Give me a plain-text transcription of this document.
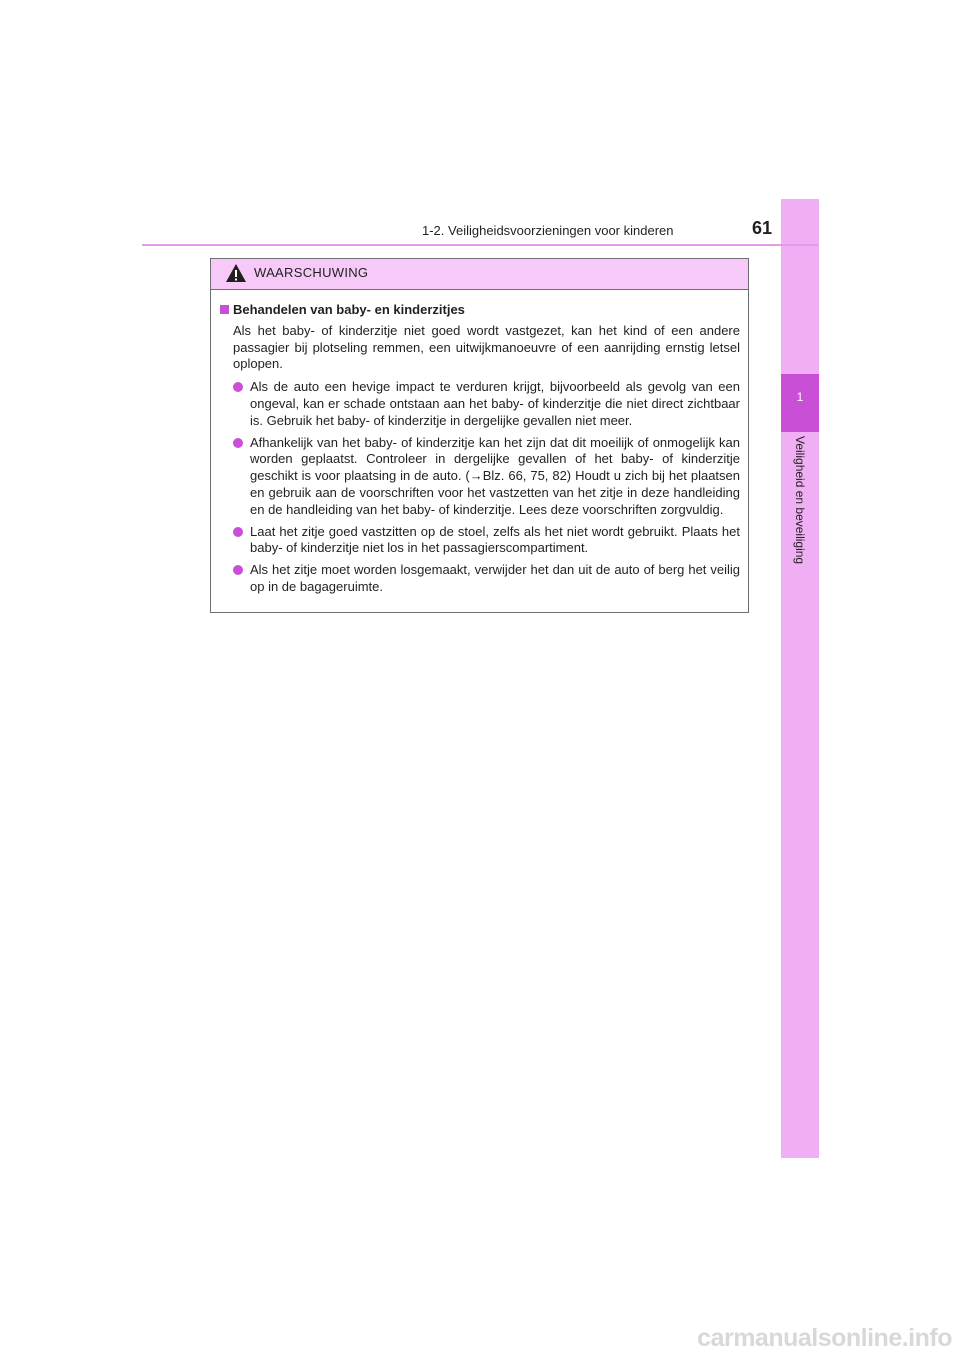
1
Veiligheid en beveiliging
1-2. Veiligheidsvoorzieningen voor kinderen	61
WAARSCHUWING
Behandelen van baby- en kinderzitjes
Als het baby- of kinderzitje niet goed wordt vastgezet, kan het kind of een andere passagier bij plotseling remmen, een uitwijkmanoeuvre of een aanrijding ernstig letsel oplopen.
Als de auto een hevige impact te verduren krijgt, bijvoorbeeld als gevolg van een ongeval, kan er schade ontstaan aan het baby- of kinderzitje die niet direct zichtbaar is. Gebruik het baby- of kinderzitje in dergelijke gevallen niet meer.
Afhankelijk van het baby- of kinderzitje kan het zijn dat dit moeilijk of onmogelijk kan worden geplaatst. Controleer in dergelijke gevallen of het baby- of kinderzitje geschikt is voor plaatsing in de auto. (→Blz. 66, 75, 82) Houdt u zich bij het plaatsen en gebruik aan de voorschriften voor het vastzetten van het zitje in deze handleiding en de handleiding van het baby- of kinderzitje. Lees deze voorschriften zorgvuldig.
Laat het zitje goed vastzitten op de stoel, zelfs als het niet wordt gebruikt. Plaats het baby- of kinderzitje niet los in het passagierscompartiment.
Als het zitje moet worden losgemaakt, verwijder het dan uit de auto of berg het veilig op in de bagageruimte.
carmanualsonline.info
